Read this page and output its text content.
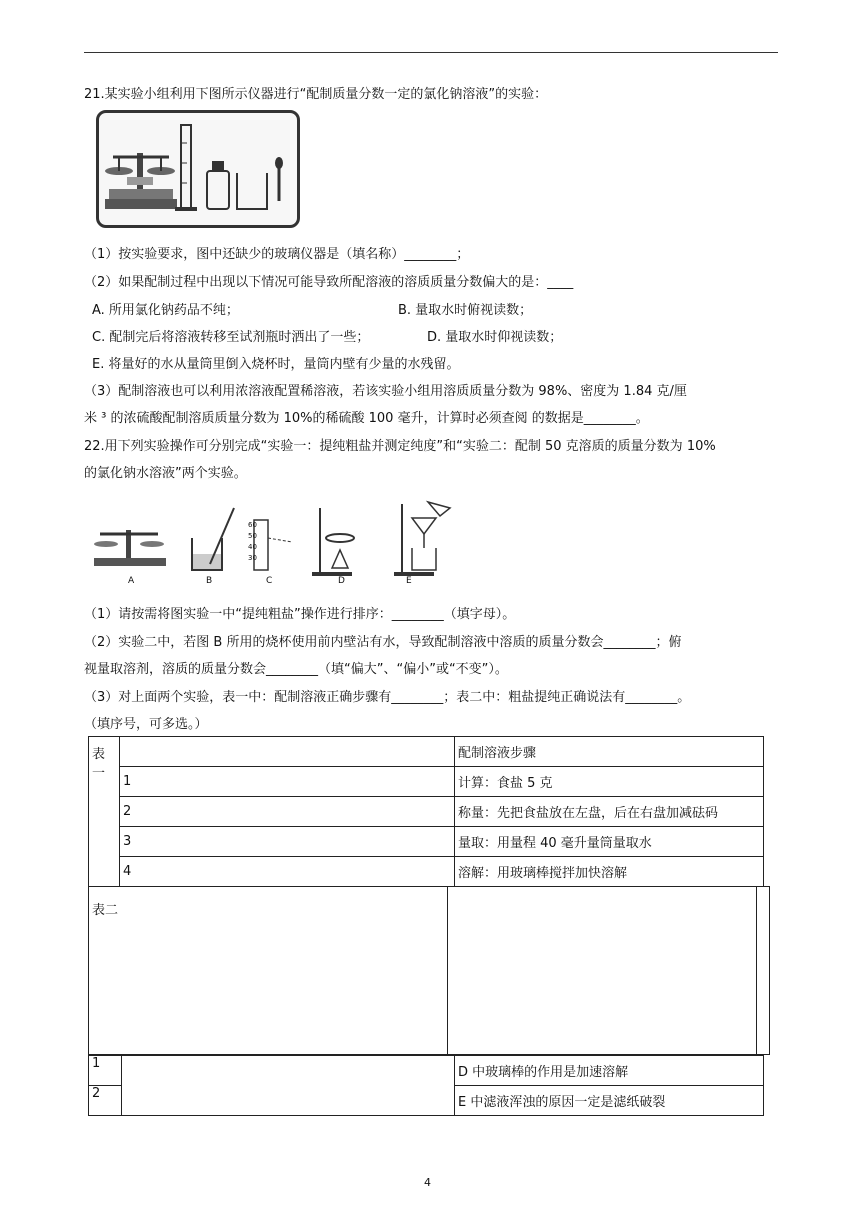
21.某实验小组利用下图所示仪器进行“配制质量分数一定的氯化钠溶液”的实验：
（1）按实验要求，图中还缺少的玻璃仪器是（填名称）________；
（2）如果配制过程中出现以下情况可能导致所配溶液的溶质质量分数偏大的是：____
A. 所用氯化钠药品不纯；	B. 量取水时俯视读数；
C. 配制完后将溶液转移至试剂瓶时洒出了一些；	D. 量取水时仰视读数；
E. 将量好的水从量筒里倒入烧杯时，量筒内壁有少量的水残留。
（3）配制溶液也可以利用浓溶液配置稀溶液，若该实验小组用溶质质量分数为 98%、密度为 1.84 克/厘
米 ³ 的浓硫酸配制溶质质量分数为 10%的稀硫酸 100 毫升，计算时必须查阅 的数据是________。
22.用下列实验操作可分别完成“实验一：提纯粗盐并测定纯度”和“实验二：配制 50 克溶质的质量分数为 10%
的氯化钠水溶液”两个实验。
A	B	C	D	E
60
50
40
30
（1）请按需将图实验一中“提纯粗盐”操作进行排序：________（填字母）。
（2）实验二中，若图 B 所用的烧杯使用前内壁沾有水，导致配制溶液中溶质的质量分数会________；俯
视量取溶剂，溶质的质量分数会________（填“偏大”、“偏小”或“不变”）。
（3）对上面两个实验，表一中：配制溶液正确步骤有________；表二中：粗盐提纯正确说法有________。
（填序号，可多选。）
表一		配制溶液步骤
	1	计算：食盐 5 克
	2	称量：先把食盐放在左盘，后在右盘加减砝码
	3	量取：用量程 40 毫升量筒量取水
	4	溶解：用玻璃棒搅拌加快溶解
表二		
1		D 中玻璃棒的作用是加速溶解
2		E 中滤液浑浊的原因一定是滤纸破裂
4
